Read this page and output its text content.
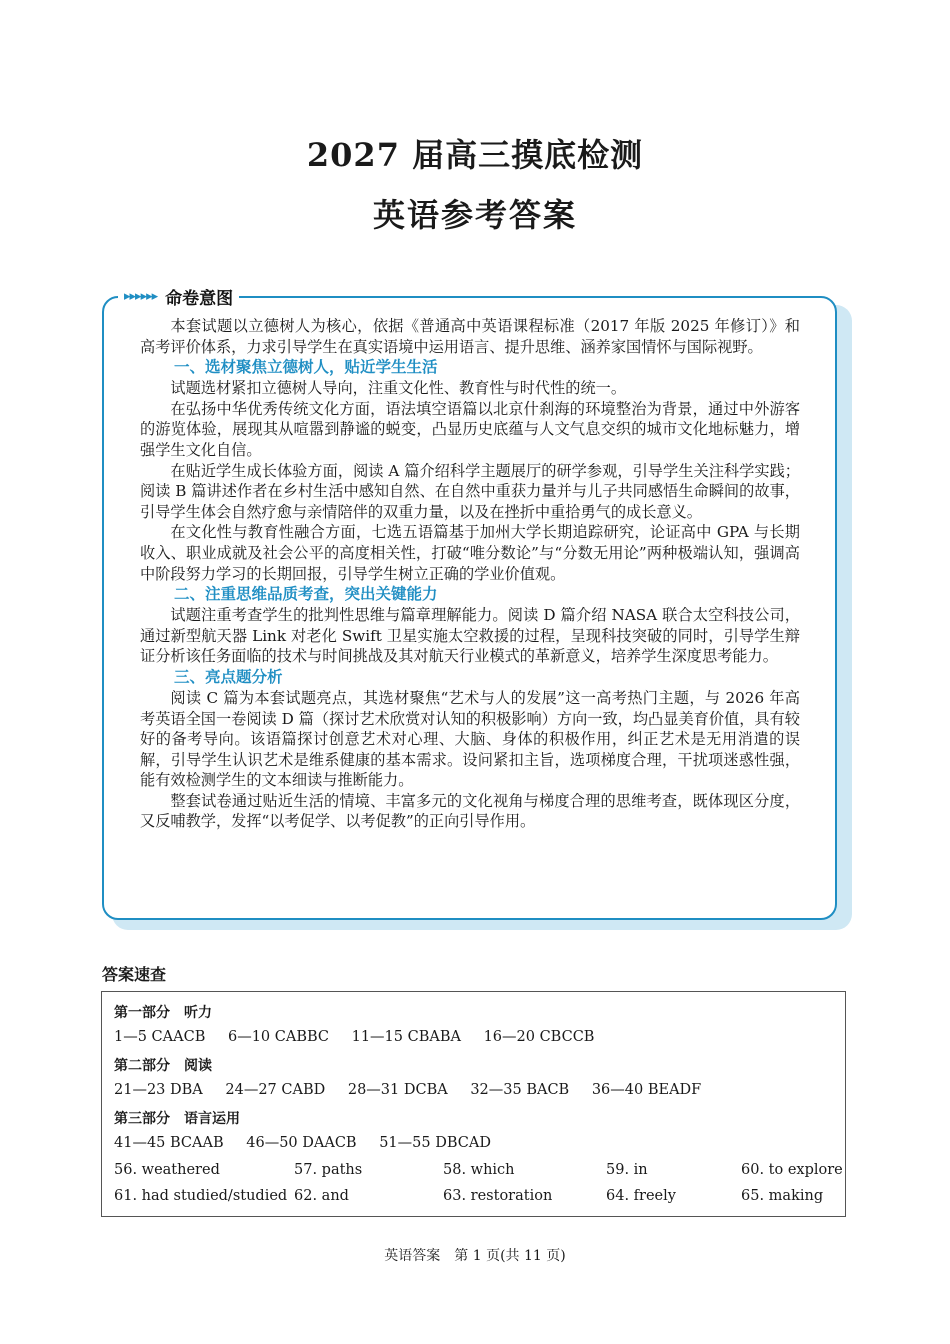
2027 届高三摸底检测
英语参考答案
▸▸▸▸▸▸ 命卷意图

本套试题以立德树人为核心，依据《普通高中英语课程标准（2017 年版 2025 年修订）》和高考评价体系，力求引导学生在真实语境中运用语言、提升思维、涵养家国情怀与国际视野。

一、选材聚焦立德树人，贴近学生生活

试题选材紧扣立德树人导向，注重文化性、教育性与时代性的统一。

在弘扬中华优秀传统文化方面，语法填空语篇以北京什刹海的环境整治为背景，通过中外游客的游览体验，展现其从喧嚣到静谧的蜕变，凸显历史底蕴与人文气息交织的城市文化地标魅力，增强学生文化自信。

在贴近学生成长体验方面，阅读 A 篇介绍科学主题展厅的研学参观，引导学生关注科学实践；阅读 B 篇讲述作者在乡村生活中感知自然、在自然中重获力量并与儿子共同感悟生命瞬间的故事，引导学生体会自然疗愈与亲情陪伴的双重力量，以及在挫折中重拾勇气的成长意义。

在文化性与教育性融合方面，七选五语篇基于加州大学长期追踪研究，论证高中 GPA 与长期收入、职业成就及社会公平的高度相关性，打破“唯分数论”与“分数无用论”两种极端认知，强调高中阶段努力学习的长期回报，引导学生树立正确的学业价值观。

二、注重思维品质考查，突出关键能力

试题注重考查学生的批判性思维与篇章理解能力。阅读 D 篇介绍 NASA 联合太空科技公司，通过新型航天器 Link 对老化 Swift 卫星实施太空救援的过程，呈现科技突破的同时，引导学生辩证分析该任务面临的技术与时间挑战及其对航天行业模式的革新意义，培养学生深度思考能力。

三、亮点题分析

阅读 C 篇为本套试题亮点，其选材聚焦“艺术与人的发展”这一高考热门主题，与 2026 年高考英语全国一卷阅读 D 篇（探讨艺术欣赏对认知的积极影响）方向一致，均凸显美育价值，具有较好的备考导向。该语篇探讨创意艺术对心理、大脑、身体的积极作用，纠正艺术是无用消遣的误解，引导学生认识艺术是维系健康的基本需求。设问紧扣主旨，选项梯度合理，干扰项迷惑性强，能有效检测学生的文本细读与推断能力。

整套试卷通过贴近生活的情境、丰富多元的文化视角与梯度合理的思维考查，既体现区分度，又反哺教学，发挥“以考促学、以考促教”的正向引导作用。

答案速查
第一部分　听力
1—5 CAACB 6—10 CABBC 11—15 CBABA 16—20 CBCCB
第二部分　阅读
21—23 DBA 24—27 CABD 28—31 DCBA 32—35 BACB 36—40 BEADF
第三部分　语言运用
41—45 BCAAB 46—50 DAACB 51—55 DBCAD
56. weathered	57. paths	58. which	59. in	60. to explore
61. had studied/studied 62. and	63. restoration	64. freely	65. making
英语答案　第 1 页(共 11 页)
